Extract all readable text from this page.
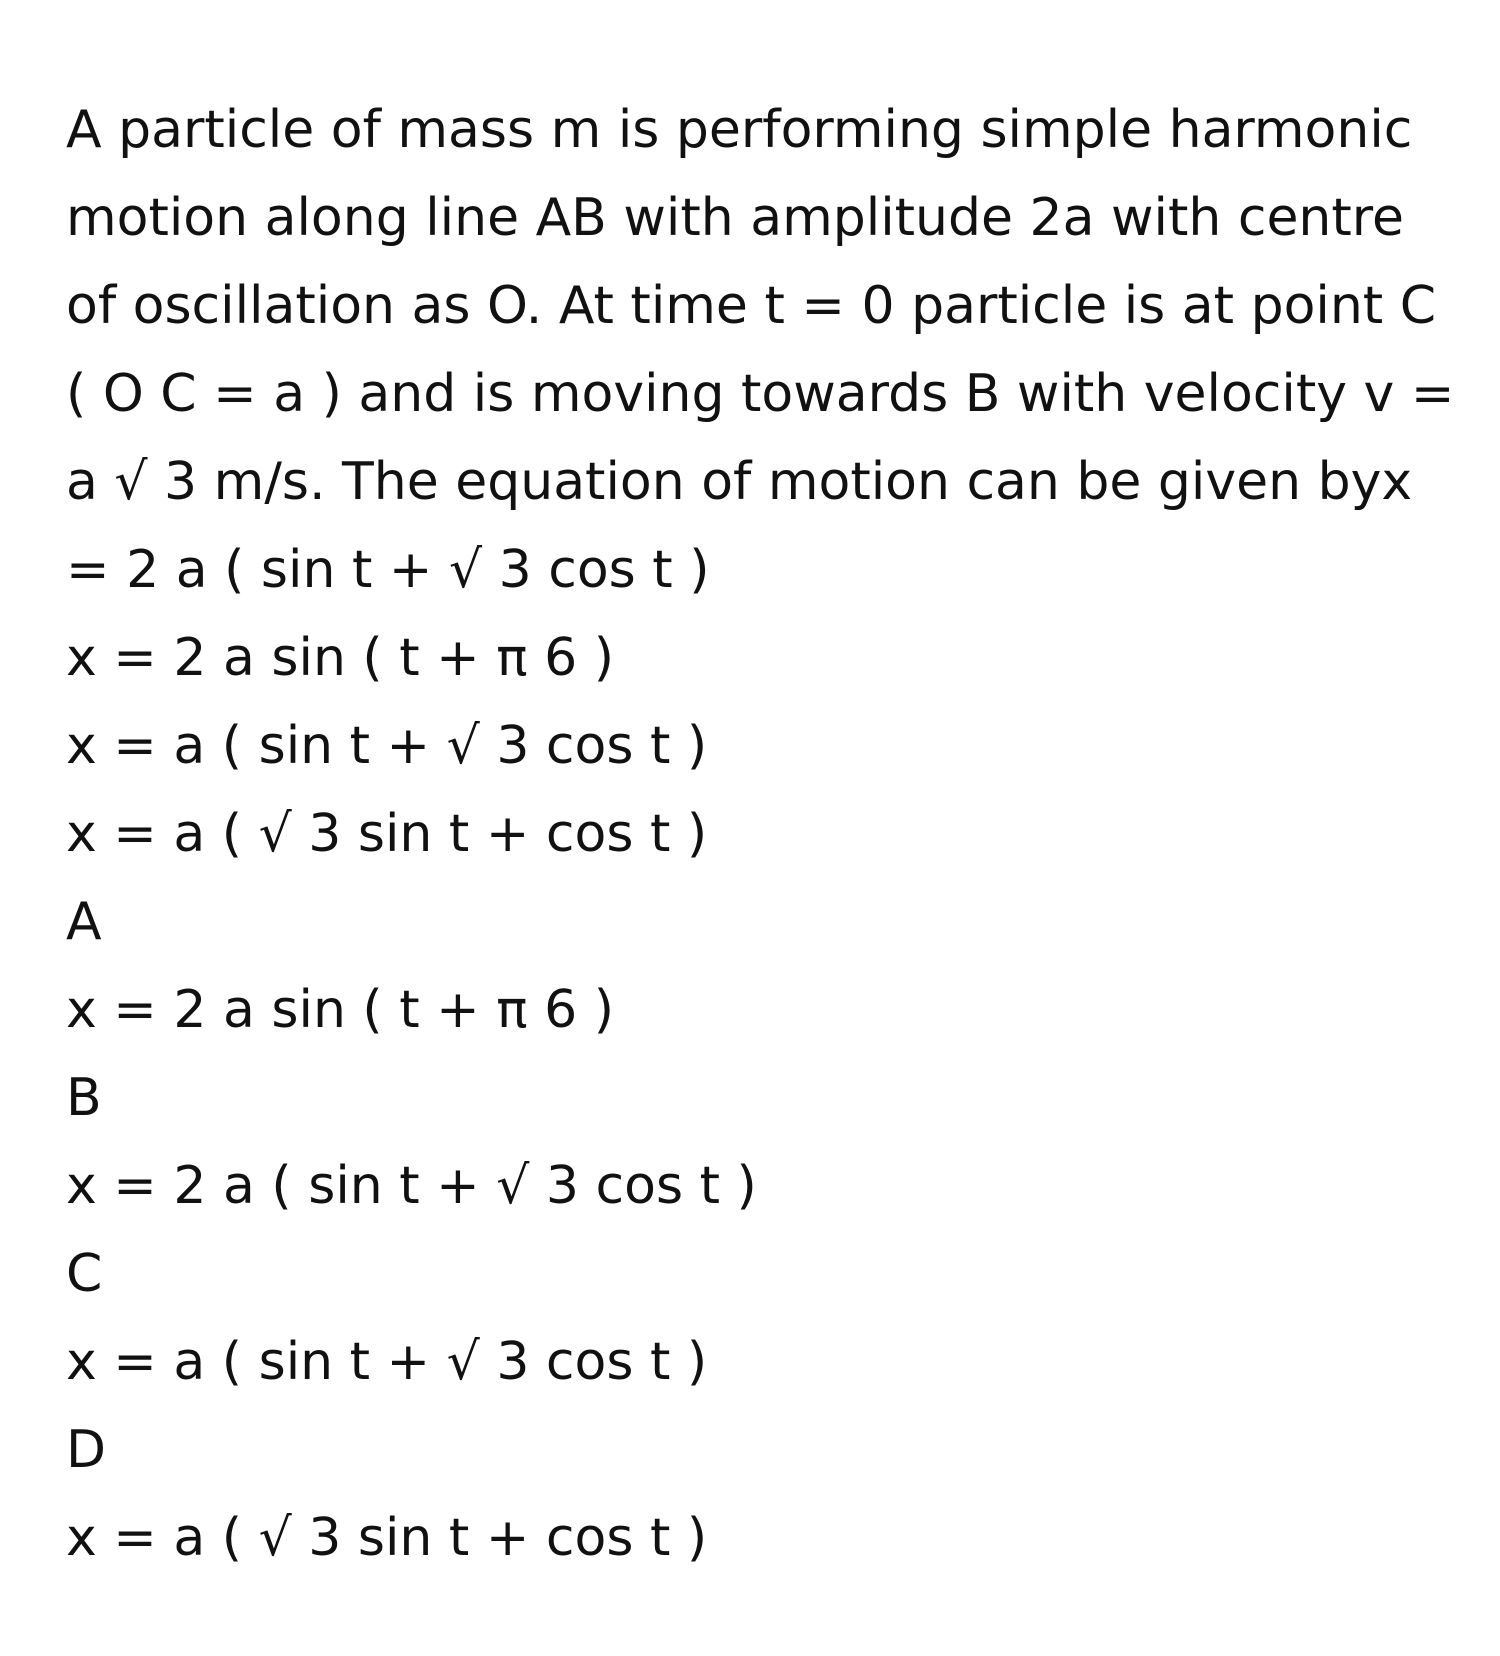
A particle of mass m is performing simple harmonic
motion along line AB with amplitude 2a with centre
of oscillation as O. At time t = 0 particle is at point C
( O C = a ) and is moving towards B with velocity v =
a √ 3 m/s. The equation of motion can be given byx
= 2 a ( sin t + √ 3 cos t )
x = 2 a sin ( t + π 6 )
x = a ( sin t + √ 3 cos t )
x = a ( √ 3 sin t + cos t )
A
x = 2 a sin ( t + π 6 )
B
x = 2 a ( sin t + √ 3 cos t )
C
x = a ( sin t + √ 3 cos t )
D
x = a ( √ 3 sin t + cos t )
